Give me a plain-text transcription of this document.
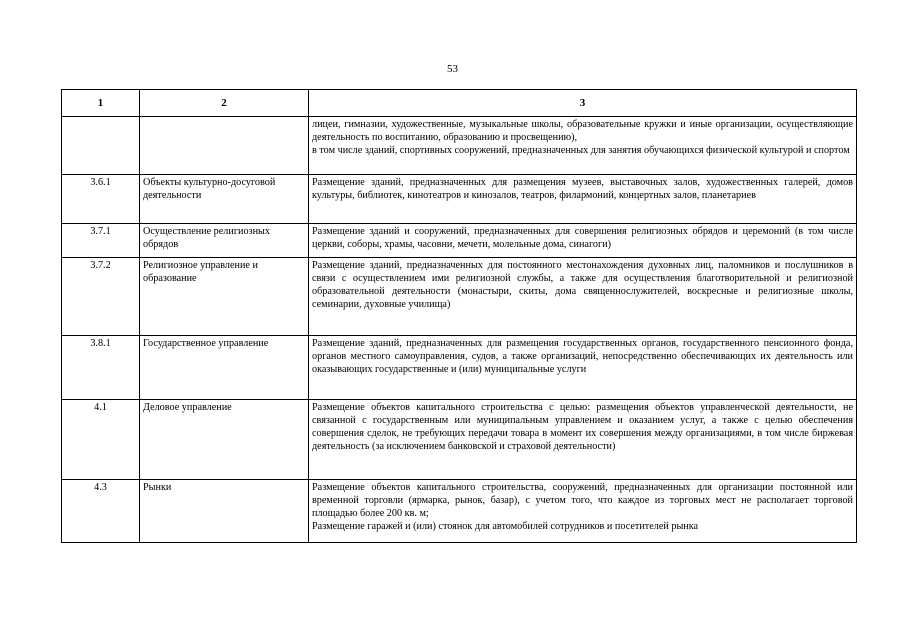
53
1	2	3

		лицеи, гимназии, художественные, музыкальные школы, образовательные кружки и иные организации, осуществляющие деятельность по воспитанию, образованию и просвещению),
в том числе зданий, спортивных сооружений, предназначенных для занятия обучающихся физической культурой и спортом

3.6.1	Объекты культурно-досуговой деятельности	Размещение зданий, предназначенных для размещения музеев, выставочных залов, художественных галерей, домов культуры, библиотек, кинотеатров и кинозалов, театров, филармоний, концертных залов, планетариев

3.7.1	Осуществление религиозных обрядов	Размещение зданий и сооружений, предназначенных для совершения религиозных обрядов и церемоний (в том числе церкви, соборы, храмы, часовни, мечети, молельные дома, синагоги)

3.7.2	Религиозное управление и образование	Размещение зданий, предназначенных для постоянного местонахождения духовных лиц, паломников и послушников в связи с осуществлением ими религиозной службы, а также для осуществления благотворительной и религиозной образовательной деятельности (монастыри, скиты, дома священнослужителей, воскресные и религиозные школы, семинарии, духовные училища)

3.8.1	Государственное управление	Размещение зданий, предназначенных для размещения государственных органов, государственного пенсионного фонда, органов местного самоуправления, судов, а также организаций, непосредственно обеспечивающих их деятельность или оказывающих государственные и (или) муниципальные услуги

4.1	Деловое управление	Размещение объектов капитального строительства с целью: размещения объектов управленческой деятельности, не связанной с государственным или муниципальным управлением и оказанием услуг, а также с целью обеспечения совершения сделок, не требующих передачи товара в момент их совершения между организациями, в том числе биржевая деятельность (за исключением банковской и страховой деятельности)

4.3	Рынки	Размещение объектов капитального строительства, сооружений, предназначенных для организации постоянной или временной торговли (ярмарка, рынок, базар), с учетом того, что каждое из торговых мест не располагает торговой площадью более 200 кв. м;
Размещение гаражей и (или) стоянок для автомобилей сотрудников и посетителей рынка
